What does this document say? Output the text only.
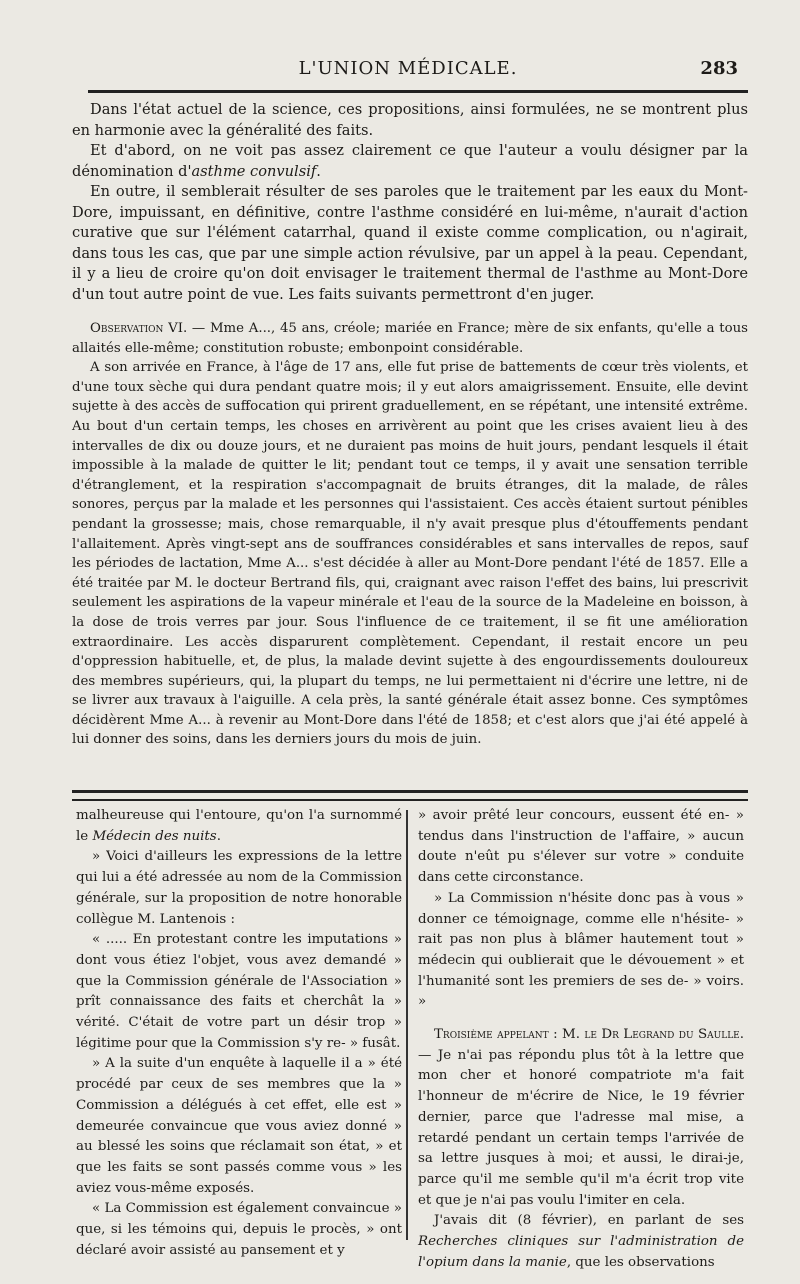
L'UNION MÉDICALE.	283

Dans l'état actuel de la science, ces propositions, ainsi formulées, ne se montrent plus en harmonie avec la généralité des faits.

Et d'abord, on ne voit pas assez clairement ce que l'auteur a voulu désigner par la dénomination d'asthme convulsif.

En outre, il semblerait résulter de ses paroles que le traitement par les eaux du Mont-Dore, impuissant, en définitive, contre l'asthme considéré en lui-même, n'aurait d'action curative que sur l'élément catarrhal, quand il existe comme complication, ou n'agirait, dans tous les cas, que par une simple action révulsive, par un appel à la peau. Cependant, il y a lieu de croire qu'on doit envisager le traitement thermal de l'asthme au Mont-Dore d'un tout autre point de vue. Les faits suivants permettront d'en juger.

Observation VI. — Mme A..., 45 ans, créole; mariée en France; mère de six enfants, qu'elle a tous allaités elle-même; constitution robuste; embonpoint considérable.

A son arrivée en France, à l'âge de 17 ans, elle fut prise de battements de cœur très violents, et d'une toux sèche qui dura pendant quatre mois; il y eut alors amaigrissement. Ensuite, elle devint sujette à des accès de suffocation qui prirent graduellement, en se répétant, une intensité extrême. Au bout d'un certain temps, les choses en arrivèrent au point que les crises avaient lieu à des intervalles de dix ou douze jours, et ne duraient pas moins de huit jours, pendant lesquels il était impossible à la malade de quitter le lit; pendant tout ce temps, il y avait une sensation terrible d'étranglement, et la respiration s'accompagnait de bruits étranges, dit la malade, de râles sonores, perçus par la malade et les personnes qui l'assistaient. Ces accès étaient surtout pénibles pendant la grossesse; mais, chose remarquable, il n'y avait presque plus d'étouffements pendant l'allaitement. Après vingt-sept ans de souffrances considérables et sans intervalles de repos, sauf les périodes de lactation, Mme A... s'est décidée à aller au Mont-Dore pendant l'été de 1857. Elle a été traitée par M. le docteur Bertrand fils, qui, craignant avec raison l'effet des bains, lui prescrivit seulement les aspirations de la vapeur minérale et l'eau de la source de la Madeleine en boisson, à la dose de trois verres par jour. Sous l'influence de ce traitement, il se fit une amélioration extraordinaire. Les accès disparurent complètement. Cependant, il restait encore un peu d'oppression habituelle, et, de plus, la malade devint sujette à des engourdissements douloureux des membres supérieurs, qui, la plupart du temps, ne lui permettaient ni d'écrire une lettre, ni de se livrer aux travaux à l'aiguille. A cela près, la santé générale était assez bonne. Ces symptômes décidèrent Mme A... à revenir au Mont-Dore dans l'été de 1858; et c'est alors que j'ai été appelé à lui donner des soins, dans les derniers jours du mois de juin.

malheureuse qui l'entoure, qu'on l'a surnommé le Médecin des nuits.

» Voici d'ailleurs les expressions de la lettre qui lui a été adressée au nom de la Commission générale, sur la proposition de notre honorable collègue M. Lantenois :

« ..... En protestant contre les imputations » dont vous étiez l'objet, vous avez demandé » que la Commission générale de l'Association » prît connaissance des faits et cherchât la » vérité. C'était de votre part un désir trop » légitime pour que la Commission s'y re- » fusât.

» A la suite d'un enquête à laquelle il a » été procédé par ceux de ses membres que la » Commission a délégués à cet effet, elle est » demeurée convaincue que vous aviez donné » au blessé les soins que réclamait son état, » et que les faits se sont passés comme vous » les aviez vous-même exposés.

« La Commission est également convaincue » que, si les témoins qui, depuis le procès, » ont déclaré avoir assisté au pansement et y

» avoir prêté leur concours, eussent été en- » tendus dans l'instruction de l'affaire, » aucun doute n'eût pu s'élever sur votre » conduite dans cette circonstance.

» La Commission n'hésite donc pas à vous » donner ce témoignage, comme elle n'hésite- » rait pas non plus à blâmer hautement tout » médecin qui oublierait que le dévouement » et l'humanité sont les premiers de ses de- » voirs. »

Troisième appelant : M. le Dr Legrand du Saulle. — Je n'ai pas répondu plus tôt à la lettre que mon cher et honoré compatriote m'a fait l'honneur de m'écrire de Nice, le 19 février dernier, parce que l'adresse mal mise, a retardé pendant un certain temps l'arrivée de sa lettre jusques à moi; et aussi, le dirai-je, parce qu'il me semble qu'il m'a écrit trop vite et que je n'ai pas voulu l'imiter en cela.

J'avais dit (8 février), en parlant de ses Recherches cliniques sur l'administration de l'opium dans la manie, que les observations
